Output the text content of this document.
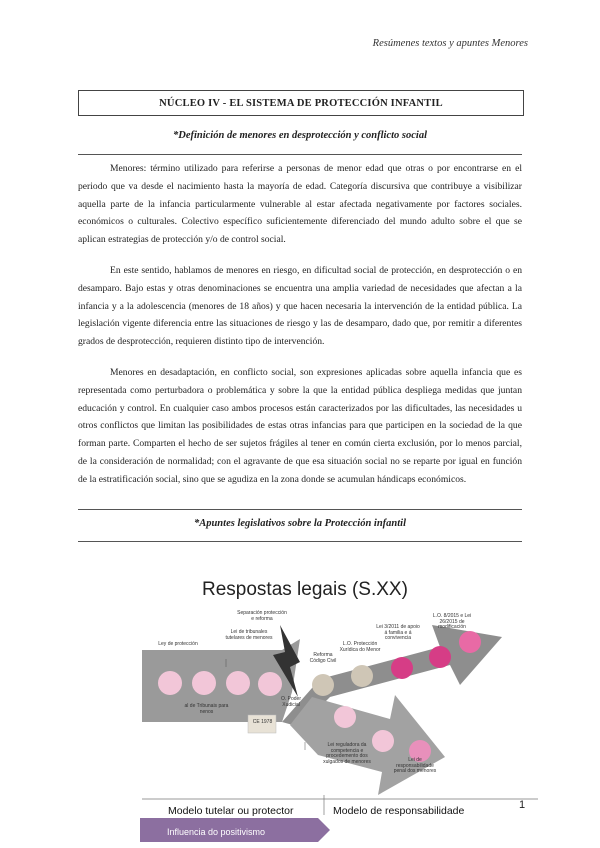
Resúmenes textos y apuntes Menores
NÚCLEO IV - EL SISTEMA DE PROTECCIÓN INFANTIL
*Definición de menores en desprotección y conflicto social

Menores: término utilizado para referirse a personas de menor edad que otras o por encontrarse en el periodo que va desde el nacimiento hasta la mayoría de edad. Categoría discursiva que contribuye a visibilizar aquella parte de la infancia particularmente vulnerable al estar afectada negativamente por factores sociales. económicos o culturales. Colectivo específico suficientemente diferenciado del mundo adulto sobre el que se aplican estrategias de protección y/o de control social.

En este sentido, hablamos de menores en riesgo, en dificultad social de protección, en desprotección o en desamparo. Bajo estas y otras denominaciones se encuentra una amplia variedad de necesidades que afectan a la infancia y a la adolescencia (menores de 18 años) y que hacen necesaria la intervención de la entidad pública. La legislación vigente diferencia entre las situaciones de riesgo y las de desamparo, dado que, por remitir a diferentes grados de desprotección, requieren distinto tipo de intervención.

Menores en desadaptación, en conflicto social, son expresiones aplicadas sobre aquella infancia que es representada como perturbadora o problemática y sobre la que la entidad pública despliega medidas que juntan educación y control. En cualquier caso ambos procesos están caracterizados por las dificultades, las necesidades u otros conflictos que limitan las posibilidades de estas otras infancias para que participen en la sociedad de la que forman parte. Comparten el hecho de ser sujetos frágiles al tener en común cierta exclusión, por lo menos parcial, de la consideración de normalidad; con el agravante de que esa situación social no se reparte por igual en función de la estratificación social, sino que se agudiza en la zona donde se acumulan hándicaps económicos.

*Apuntes legislativos sobre la Protección infantil
Respostas legais (S.XX)
Ley de protección
Lei de tribunales tutelares de menores
al de Tribunais para nenos
CE 1978
Separación protección e reforma
Reforma Código Civil
O. Poder Xudicial
L.O. Protección Xurídica do Menor
Lei 3/2011 de apoio á familia e á convivencia
L.O. 8/2015 e Lei 26/2015 de modificación
Lei reguladora da competencia e procedemento dos xulgados de menores	Lei de responsabilidade penal dos menores
1
Modelo tutelar ou protector	Modelo de responsabilidade
Influencia do positivismo
